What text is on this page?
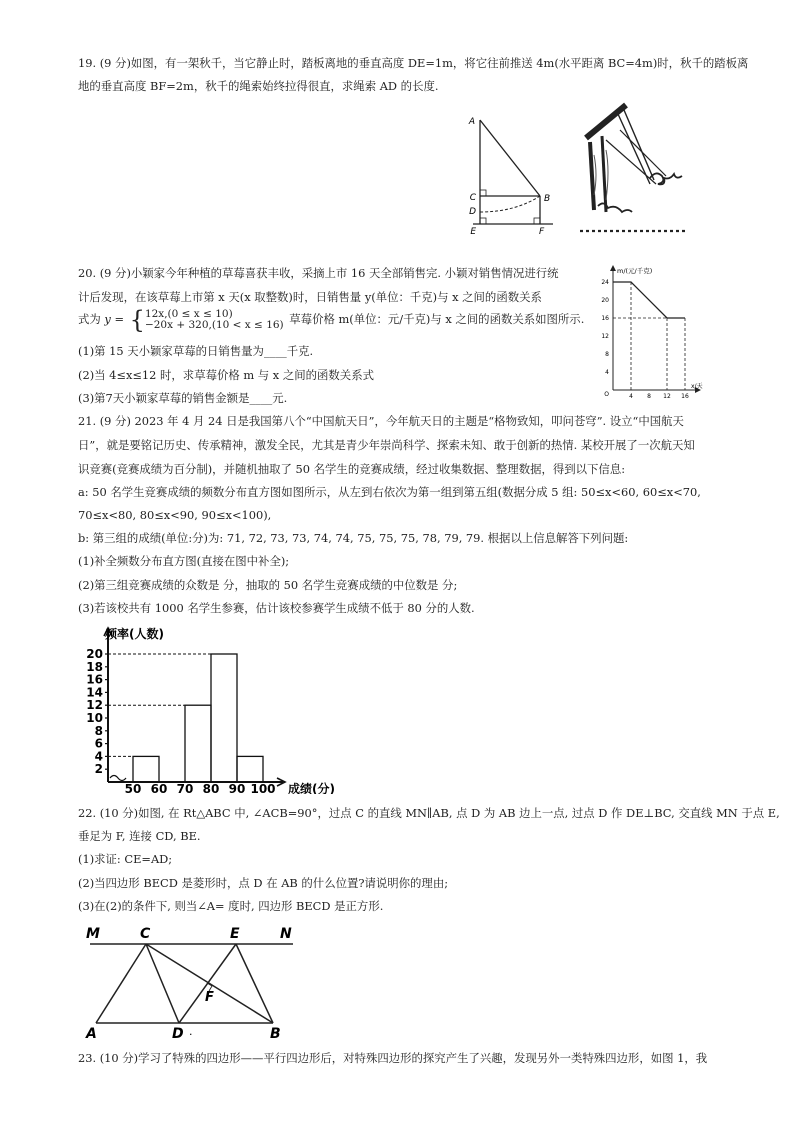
19. (9 分)如图，有一架秋千，当它静止时，踏板离地的垂直高度 DE=1m，将它往前推送 4m(水平距离 BC=4m)时，秋千的踏板离
地的垂直高度 BF=2m，秋千的绳索始终拉得很直，求绳索 AD 的长度.
A
B
C
D
E	F
20. (9 分)小颖家今年种植的草莓喜获丰收，采摘上市 16 天全部销售完. 小颖对销售情况进行统
计后发现，在该草莓上市第 x 天(x 取整数)时，日销售量 y(单位：千克)与 x 之间的函数关系
式为 y = { 12x,(0 ≤ x ≤ 10)
−20x + 320,(10 < x ≤ 16) 草莓价格 m(单位：元/千克)与 x 之间的函数关系如图所示.
(1)第 15 天小颖家草莓的日销售量为____千克.
(2)当 4≤x≤12 时，求草莓价格 m 与 x 之间的函数关系式
(3)第7天小颖家草莓的销售金额是____元.
m/(元/千克)
x/天
24
20
16
12
8
4
O	4 8 12 16
21. (9 分) 2023 年 4 月 24 日是我国第八个“中国航天日”，今年航天日的主题是“格物致知，叩问苍穹”. 设立“中国航天
日”，就是要铭记历史、传承精神，激发全民，尤其是青少年崇尚科学、探索未知、敢于创新的热情. 某校开展了一次航天知
识竞赛(竞赛成绩为百分制)，并随机抽取了 50 名学生的竞赛成绩，经过收集数据、整理数据，得到以下信息:
a: 50 名学生竞赛成绩的频数分布直方图如图所示，从左到右依次为第一组到第五组(数据分成 5 组: 50≤x<60, 60≤x<70,
70≤x<80, 80≤x<90, 90≤x<100),
b: 第三组的成绩(单位:分)为: 71, 72, 73, 73, 74, 74, 75, 75, 75, 78, 79, 79. 根据以上信息解答下列问题:
(1)补全频数分布直方图(直接在图中补全);
(2)第三组竞赛成绩的众数是 分，抽取的 50 名学生竞赛成绩的中位数是 分;
(3)若该校共有 1000 名学生参赛，估计该校参赛学生成绩不低于 80 分的人数.
2
4
6
8
10
12
14
16
18
20
50 60 70 80 90 100
频率(人数)
成绩(分)
22. (10 分)如图, 在 Rt△ABC 中, ∠ACB=90°，过点 C 的直线 MN∥AB, 点 D 为 AB 边上一点, 过点 D 作 DE⊥BC, 交直线 MN 于点 E,
垂足为 F, 连接 CD, BE.
(1)求证: CE=AD;
(2)当四边形 BECD 是菱形时，点 D 在 AB 的什么位置?请说明你的理由;
(3)在(2)的条件下, 则当∠A= 度时, 四边形 BECD 是正方形.
M	C	E	N
F
A	D .	B
23. (10 分)学习了特殊的四边形——平行四边形后，对特殊四边形的探究产生了兴趣，发现另外一类特殊四边形，如图 1，我
